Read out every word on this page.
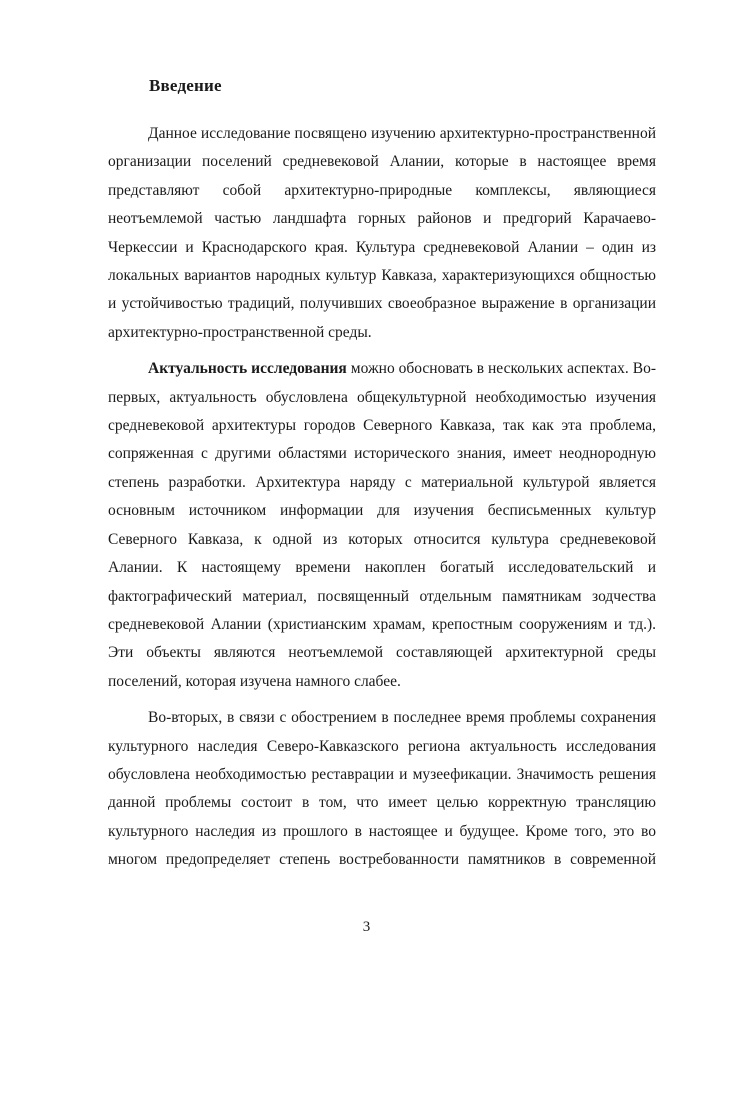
Введение

Данное исследование посвящено изучению архитектурно-пространственной организации поселений средневековой Алании, которые в настоящее время представляют собой архитектурно-природные комплексы, являющиеся неотъемлемой частью ландшафта горных районов и предгорий Карачаево-Черкессии и Краснодарского края. Культура средневековой Алании – один из локальных вариантов народных культур Кавказа, характеризующихся общностью и устойчивостью традиций, получивших своеобразное выражение в организации архитектурно-пространственной среды.

Актуальность исследования можно обосновать в нескольких аспектах. Во-первых, актуальность обусловлена общекультурной необходимостью изучения средневековой архитектуры городов Северного Кавказа, так как эта проблема, сопряженная с другими областями исторического знания, имеет неоднородную степень разработки. Архитектура наряду с материальной культурой является основным источником информации для изучения бесписьменных культур Северного Кавказа, к одной из которых относится культура средневековой Алании. К настоящему времени накоплен богатый исследовательский и фактографический материал, посвященный отдельным памятникам зодчества средневековой Алании (христианским храмам, крепостным сооружениям и тд.). Эти объекты являются неотъемлемой составляющей архитектурной среды поселений, которая изучена намного слабее.

Во-вторых, в связи с обострением в последнее время проблемы сохранения культурного наследия Северо-Кавказского региона актуальность исследования обусловлена необходимостью реставрации и музеефикации. Значимость решения данной проблемы состоит в том, что имеет целью корректную трансляцию культурного наследия из прошлого в настоящее и будущее. Кроме того, это во многом предопределяет степень востребованности памятников в современной

3
